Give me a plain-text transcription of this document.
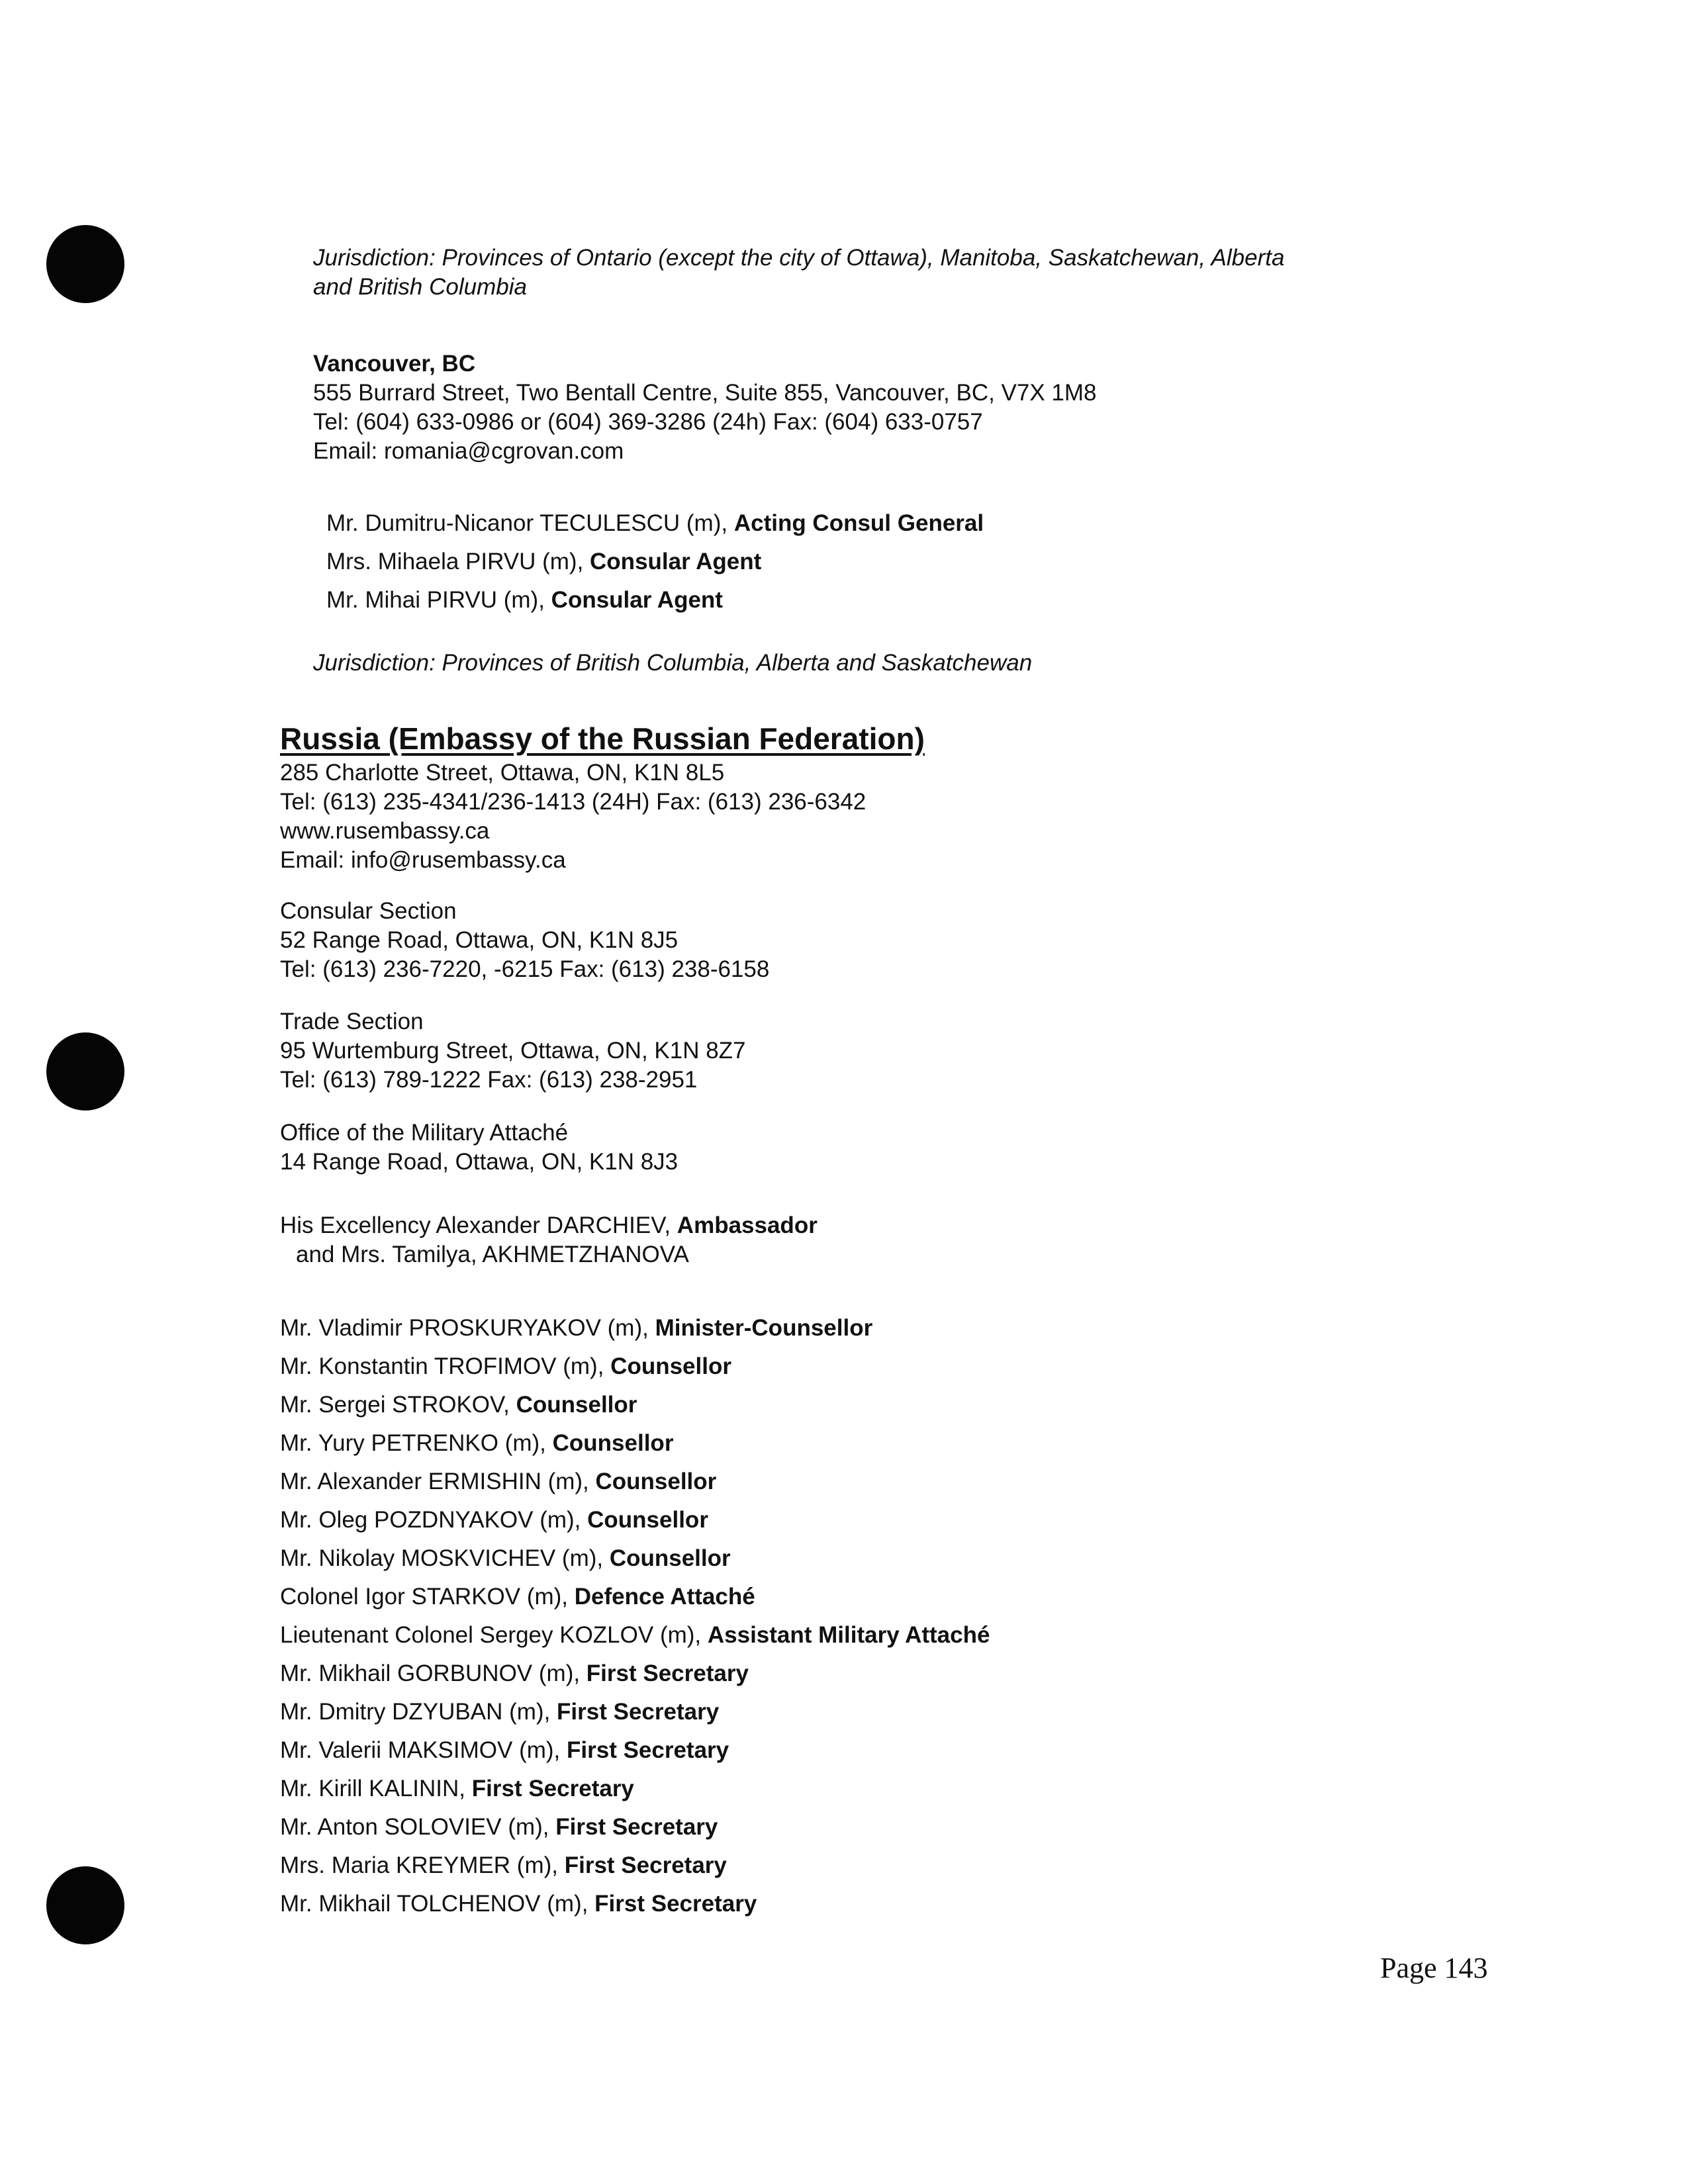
Jurisdiction: Provinces of Ontario (except the city of Ottawa), Manitoba, Saskatchewan, Alberta
and British Columbia
Vancouver, BC
555 Burrard Street, Two Bentall Centre, Suite 855, Vancouver, BC, V7X 1M8
Tel: (604) 633-0986 or (604) 369-3286 (24h) Fax: (604) 633-0757
Email: romania@cgrovan.com
Mr. Dumitru-Nicanor TECULESCU (m), Acting Consul General
Mrs. Mihaela PIRVU (m), Consular Agent
Mr. Mihai PIRVU (m), Consular Agent
Jurisdiction: Provinces of British Columbia, Alberta and Saskatchewan
Russia (Embassy of the Russian Federation)
285 Charlotte Street, Ottawa, ON, K1N 8L5
Tel: (613) 235-4341/236-1413 (24H) Fax: (613) 236-6342
www.rusembassy.ca
Email: info@rusembassy.ca
Consular Section
52 Range Road, Ottawa, ON, K1N 8J5
Tel: (613) 236-7220, -6215 Fax: (613) 238-6158
Trade Section
95 Wurtemburg Street, Ottawa, ON, K1N 8Z7
Tel: (613) 789-1222 Fax: (613) 238-2951
Office of the Military Attaché
14 Range Road, Ottawa, ON, K1N 8J3
His Excellency Alexander DARCHIEV, Ambassador
and Mrs. Tamilya, AKHMETZHANOVA
Mr. Vladimir PROSKURYAKOV (m), Minister-Counsellor
Mr. Konstantin TROFIMOV (m), Counsellor
Mr. Sergei STROKOV, Counsellor
Mr. Yury PETRENKO (m), Counsellor
Mr. Alexander ERMISHIN (m), Counsellor
Mr. Oleg POZDNYAKOV (m), Counsellor
Mr. Nikolay MOSKVICHEV (m), Counsellor
Colonel Igor STARKOV (m), Defence Attaché
Lieutenant Colonel Sergey KOZLOV (m), Assistant Military Attaché
Mr. Mikhail GORBUNOV (m), First Secretary
Mr. Dmitry DZYUBAN (m), First Secretary
Mr. Valerii MAKSIMOV (m), First Secretary
Mr. Kirill KALININ, First Secretary
Mr. Anton SOLOVIEV (m), First Secretary
Mrs. Maria KREYMER (m), First Secretary
Mr. Mikhail TOLCHENOV (m), First Secretary
Page 143
